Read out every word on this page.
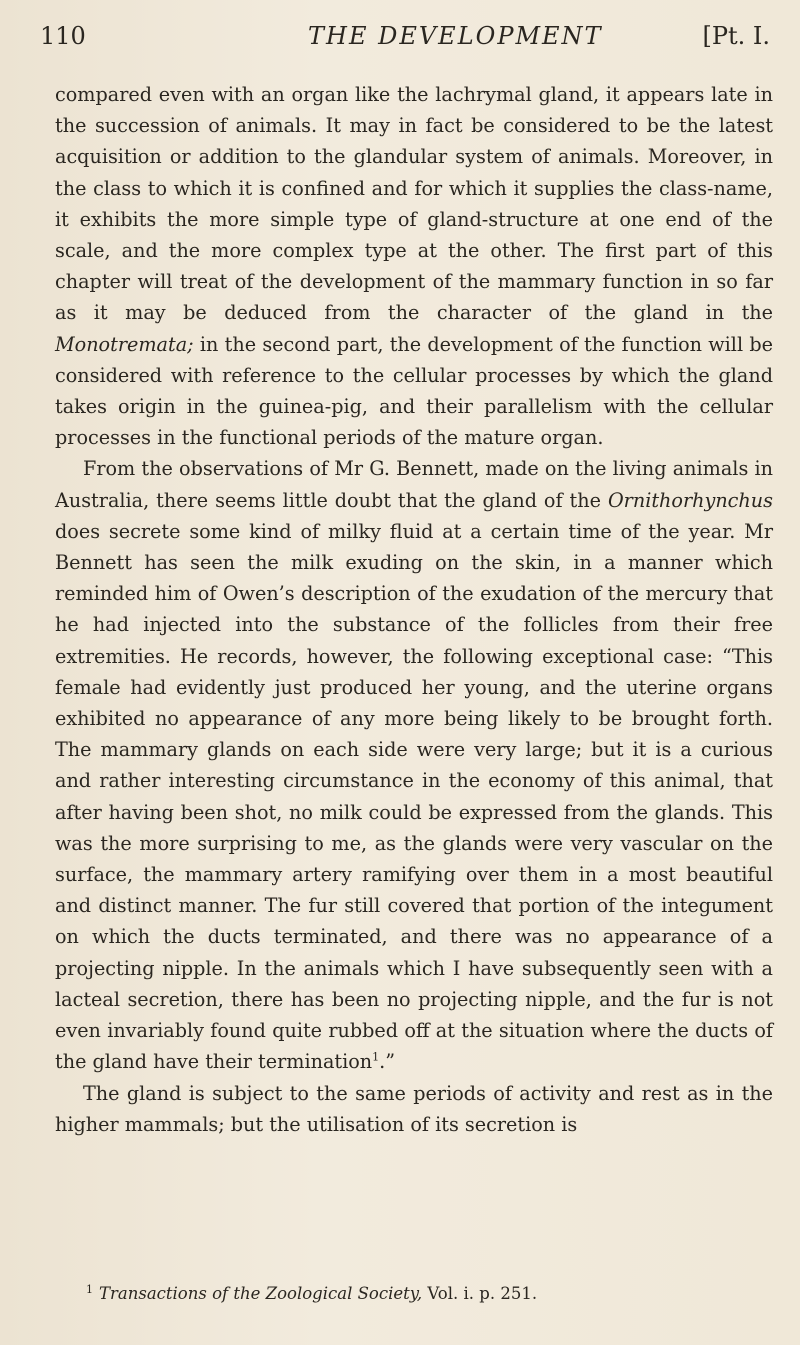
110	THE DEVELOPMENT	[Pt. I.

compared even with an organ like the lachrymal gland, it appears late in the succession of animals. It may in fact be considered to be the latest acquisition or addition to the glandular system of animals. Moreover, in the class to which it is confined and for which it supplies the class-name, it exhibits the more simple type of gland-structure at one end of the scale, and the more complex type at the other. The first part of this chapter will treat of the development of the mammary function in so far as it may be deduced from the character of the gland in the Monotremata; in the second part, the development of the function will be considered with reference to the cellular processes by which the gland takes origin in the guinea-pig, and their parallelism with the cellular processes in the functional periods of the mature organ.

From the observations of Mr G. Bennett, made on the living animals in Australia, there seems little doubt that the gland of the Ornithorhynchus does secrete some kind of milky fluid at a certain time of the year. Mr Bennett has seen the milk exuding on the skin, in a manner which reminded him of Owen’s description of the exudation of the mercury that he had injected into the substance of the follicles from their free extremities. He records, however, the following exceptional case: “This female had evidently just produced her young, and the uterine organs exhibited no appearance of any more being likely to be brought forth. The mammary glands on each side were very large; but it is a curious and rather interesting circumstance in the economy of this animal, that after having been shot, no milk could be expressed from the glands. This was the more surprising to me, as the glands were very vascular on the surface, the mammary artery ramifying over them in a most beautiful and distinct manner. The fur still covered that portion of the integument on which the ducts terminated, and there was no appearance of a projecting nipple. In the animals which I have subsequently seen with a lacteal secretion, there has been no projecting nipple, and the fur is not even invariably found quite rubbed off at the situation where the ducts of the gland have their termination$^1$.”

The gland is subject to the same periods of activity and rest as in the higher mammals; but the utilisation of its secretion is

$^1$ Transactions of the Zoological Society, Vol. i. p. 251.
